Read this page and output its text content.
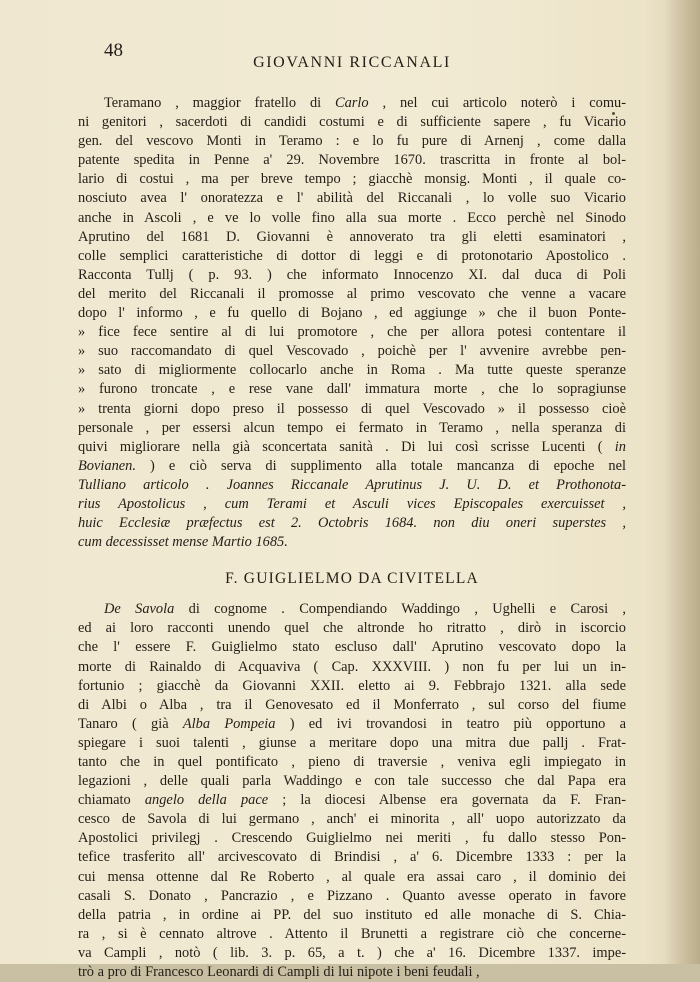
48
GIOVANNI RICCANALI

Teramano , maggior fratello di Carlo , nel cui articolo noterò i comu-
ni genitori , sacerdoti di candidi costumi e di sufficiente sapere , fu Vicario
gen. del vescovo Monti in Teramo : e lo fu pure di Arnenj , come dalla
patente spedita in Penne a' 29. Novembre 1670. trascritta in fronte al bol-
lario di costui , ma per breve tempo ; giacchè monsig. Monti , il quale co-
nosciuto avea l' onoratezza e l' abilità del Riccanali , lo volle suo Vicario
anche in Ascoli , e ve lo volle fino alla sua morte . Ecco perchè nel Sinodo
Aprutino del 1681 D. Giovanni è annoverato tra gli eletti esaminatori ,
colle semplici caratteristiche di dottor di leggi e di protonotario Apostolico .
Racconta Tullj ( p. 93. ) che informato Innocenzo XI. dal duca di Poli
del merito del Riccanali il promosse al primo vescovato che venne a vacare
dopo l' informo , e fu quello di Bojano , ed aggiunge » che il buon Ponte-
» fice fece sentire al di lui promotore , che per allora potesi contentare il
» suo raccomandato di quel Vescovado , poichè per l' avvenire avrebbe pen-
» sato di migliormente collocarlo anche in Roma . Ma tutte queste speranze
» furono troncate , e rese vane dall' immatura morte , che lo sopragiunse
» trenta giorni dopo preso il possesso di quel Vescovado » il possesso cioè
personale , per essersi alcun tempo ei fermato in Teramo , nella speranza di
quivi migliorare nella già sconcertata sanità . Di lui così scrisse Lucenti ( in
Bovianen. ) e ciò serva di supplimento alla totale mancanza di epoche nel
Tulliano articolo . Joannes Riccanale Aprutinus J. U. D. et Prothonota-
rius Apostolicus , cum Terami et Asculi vices Episcopales exercuisset ,
huic Ecclesiæ præfectus est 2. Octobris 1684. non diu oneri superstes ,
cum decessisset mense Martio 1685.

F. GUIGLIELMO DA CIVITELLA

De Savola di cognome . Compendiando Waddingo , Ughelli e Carosi ,
ed ai loro racconti unendo quel che altronde ho ritratto , dirò in iscorcio
che l' essere F. Guiglielmo stato escluso dall' Aprutino vescovato dopo la
morte di Rainaldo di Acquaviva ( Cap. XXXVIII. ) non fu per lui un in-
fortunio ; giacchè da Giovanni XXII. eletto ai 9. Febbrajo 1321. alla sede
di Albi o Alba , tra il Genovesato ed il Monferrato , sul corso del fiume
Tanaro ( già Alba Pompeia ) ed ivi trovandosi in teatro più opportuno a
spiegare i suoi talenti , giunse a meritare dopo una mitra due pallj . Frat-
tanto che in quel pontificato , pieno di traversie , veniva egli impiegato in
legazioni , delle quali parla Waddingo e con tale successo che dal Papa era
chiamato angelo della pace ; la diocesi Albense era governata da F. Fran-
cesco de Savola di lui germano , anch' ei minorita , all' uopo autorizzato da
Apostolici privilegj . Crescendo Guiglielmo nei meriti , fu dallo stesso Pon-
tefice trasferito all' arcivescovato di Brindisi , a' 6. Dicembre 1333 : per la
cui mensa ottenne dal Re Roberto , al quale era assai caro , il dominio dei
casali S. Donato , Pancrazio , e Pizzano . Quanto avesse operato in favore
della patria , in ordine ai PP. del suo instituto ed alle monache di S. Chia-
ra , si è cennato altrove . Attento il Brunetti a registrare ciò che concerne-
va Campli , notò ( lib. 3. p. 65, a t. ) che a' 16. Dicembre 1337. impe-
trò a pro di Francesco Leonardi di Campli di lui nipote i beni feudali ,
